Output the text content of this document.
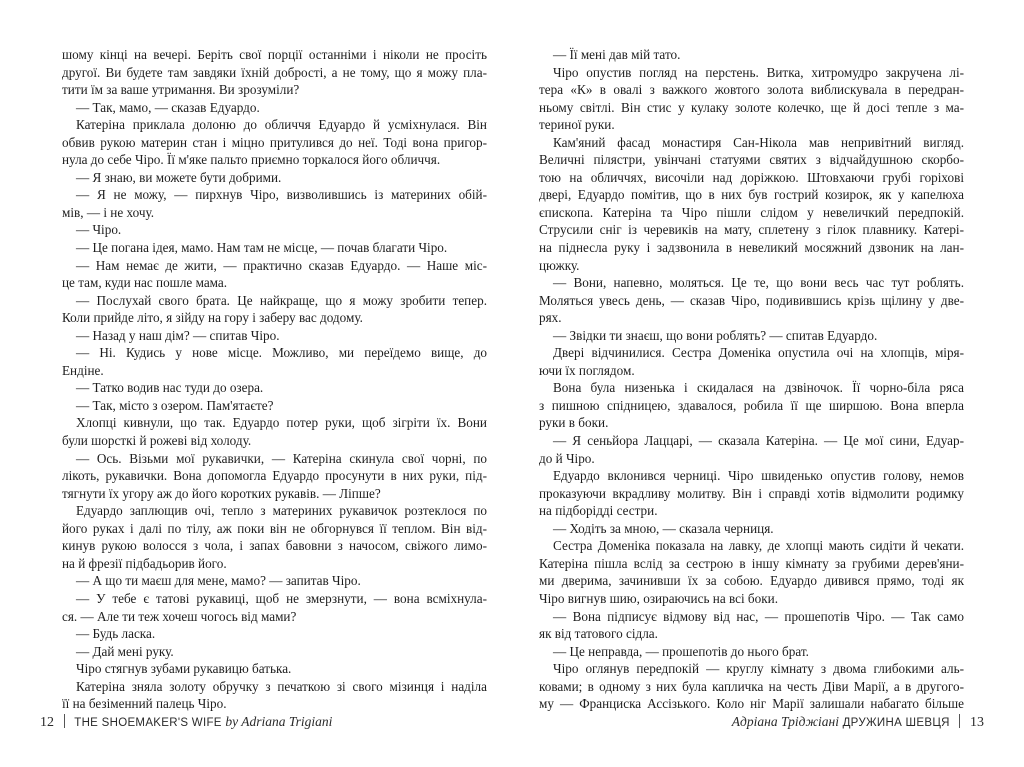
шому кінці на вечері. Беріть свої порції останніми і ніколи не просіть
другої. Ви будете там завдяки їхній добрості, а не тому, що я можу пла-
тити їм за ваше утримання. Ви зрозуміли?
— Так, мамо, — сказав Едуардо.
Катеріна приклала долоню до обличчя Едуардо й усміхнулася. Він
обвив рукою материн стан і міцно притулився до неї. Тоді вона пригор-
нула до себе Чіро. Її м'яке пальто приємно торкалося його обличчя.
— Я знаю, ви можете бути добрими.
— Я не можу, — пирхнув Чіро, визволившись із материних обій-
мів, — і не хочу.
— Чіро.
— Це погана ідея, мамо. Нам там не місце, — почав благати Чіро.
— Нам немає де жити, — практично сказав Едуардо. — Наше міс-
це там, куди нас пошле мама.
— Послухай свого брата. Це найкраще, що я можу зробити тепер.
Коли прийде літо, я зійду на гору і заберу вас додому.
— Назад у наш дім? — спитав Чіро.
— Ні. Кудись у нове місце. Можливо, ми переїдемо вище, до
Ендіне.
— Татко водив нас туди до озера.
— Так, місто з озером. Пам'ятаєте?
Хлопці кивнули, що так. Едуардо потер руки, щоб зігріти їх. Вони
були шорсткі й рожеві від холоду.
— Ось. Візьми мої рукавички, — Катеріна скинула свої чорні, по
лікоть, рукавички. Вона допомогла Едуардо просунути в них руки, під-
тягнути їх угору аж до його коротких рукавів. — Ліпше?
Едуардо заплющив очі, тепло з материних рукавичок розтеклося по
його руках і далі по тілу, аж поки він не обгорнувся її теплом. Він від-
кинув рукою волосся з чола, і запах бавовни з начосом, свіжого лимо-
на й фрезії підбадьорив його.
— А що ти маєш для мене, мамо? — запитав Чіро.
— У тебе є татові рукавиці, щоб не змерзнути, — вона всміхнула-
ся. — Але ти теж хочеш чогось від мами?
— Будь ласка.
— Дай мені руку.
Чіро стягнув зубами рукавицю батька.
Катеріна зняла золоту обручку з печаткою зі свого мізинця і наділа
її на безіменний палець Чіро.
— Її мені дав мій тато.
Чіро опустив погляд на перстень. Витка, хитромудро закручена лі-
тера «К» в овалі з важкого жовтого золота виблискувала в передран-
ньому світлі. Він стис у кулаку золоте колечко, ще й досі тепле з ма-
териної руки.
Кам'яний фасад монастиря Сан-Нікола мав непривітний вигляд.
Величні пілястри, увінчані статуями святих з відчайдушною скорбо-
тою на обличчях, височіли над доріжкою. Штовхаючи грубі горіхові
двері, Едуардо помітив, що в них був гострий козирок, як у капелюха
єпископа. Катеріна та Чіро пішли слідом у невеличкий передпокій.
Струсили сніг із черевиків на мату, сплетену з гілок плавнику. Катері-
на піднесла руку і задзвонила в невеликий мосяжний дзвоник на лан-
цюжку.
— Вони, напевно, моляться. Це те, що вони весь час тут роблять.
Моляться увесь день, — сказав Чіро, подивившись крізь щілину у две-
рях.
— Звідки ти знаєш, що вони роблять? — спитав Едуардо.
Двері відчинилися. Сестра Доменіка опустила очі на хлопців, міря-
ючи їх поглядом.
Вона була низенька і скидалася на дзвіночок. Її чорно-біла ряса
з пишною спідницею, здавалося, робила її ще ширшою. Вона вперла
руки в боки.
— Я сеньйора Лаццарі, — сказала Катеріна. — Це мої сини, Едуар-
до й Чіро.
Едуардо вклонився черниці. Чіро швиденько опустив голову, немов
проказуючи вкрадливу молитву. Він і справді хотів відмолити родимку
на підборідді сестри.
— Ходіть за мною, — сказала черниця.
Сестра Доменіка показала на лавку, де хлопці мають сидіти й чекати.
Катеріна пішла вслід за сестрою в іншу кімнату за грубими дерев'яни-
ми дверима, зачинивши їх за собою. Едуардо дивився прямо, тоді як
Чіро вигнув шию, озираючись на всі боки.
— Вона підписує відмову від нас, — прошепотів Чіро. — Так само
як від татового сідла.
— Це неправда, — прошепотів до нього брат.
Чіро оглянув передпокій — круглу кімнату з двома глибокими аль-
ковами; в одному з них була капличка на честь Діви Марії, а в другого-
му — Франциска Ассізького. Коло ніг Марії залишали набагато більше
12 THE SHOEMAKER'S WIFE by Adriana Trigiani	Адріана Тріджіані ДРУЖИНА ШЕВЦЯ 13
